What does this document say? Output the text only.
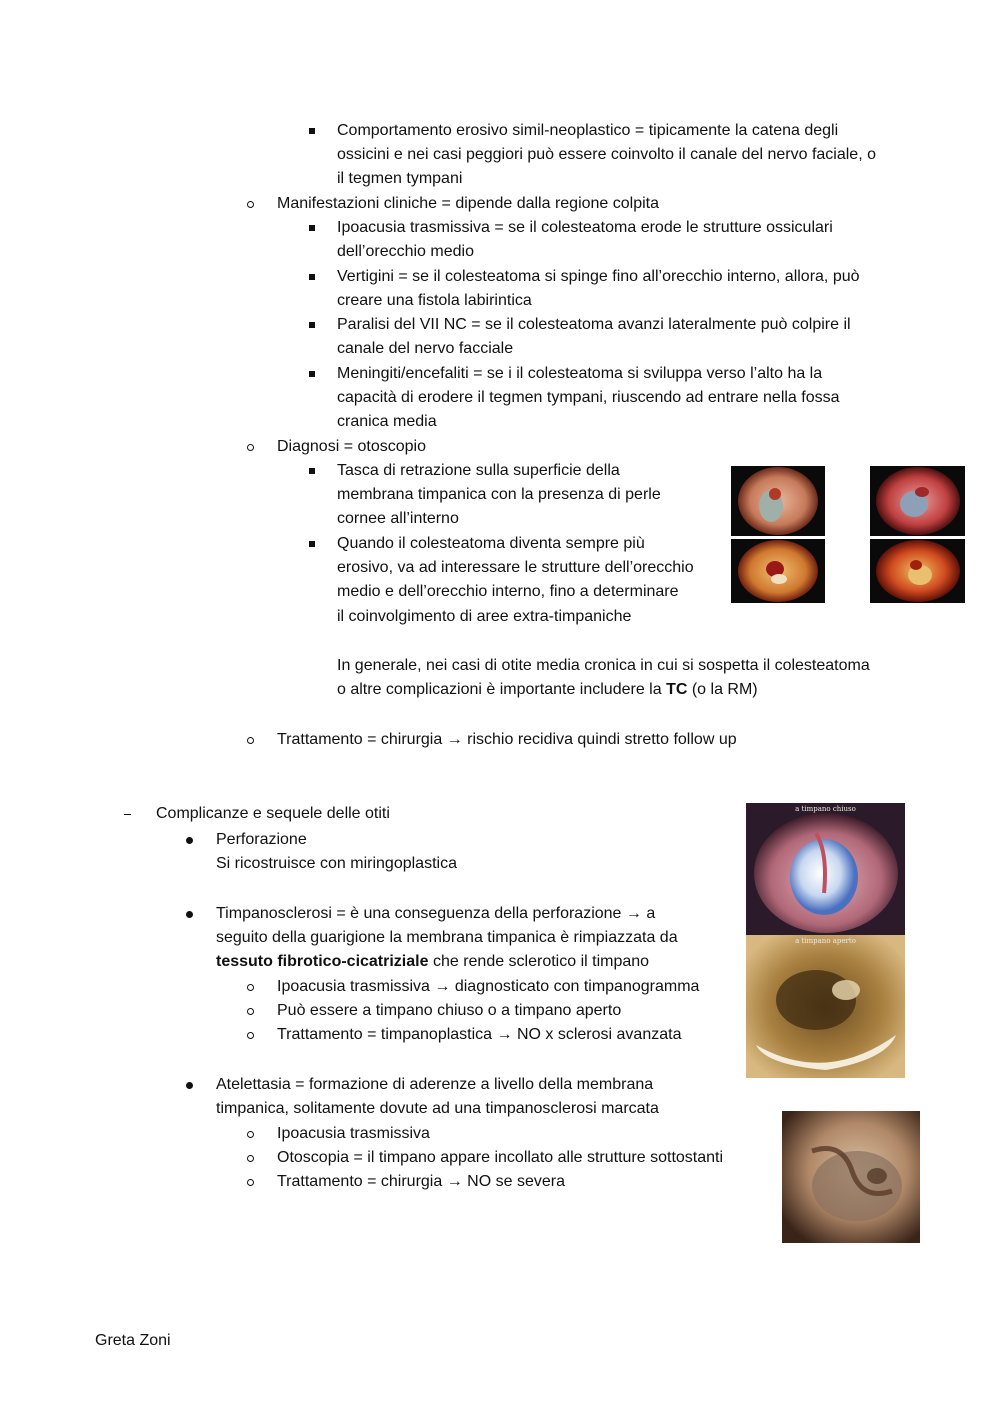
Comportamento erosivo simil-neoplastico = tipicamente la catena degli
ossicini e nei casi peggiori può essere coinvolto il canale del nervo faciale, o
il tegmen tympani
Manifestazioni cliniche = dipende dalla regione colpita
Ipoacusia trasmissiva = se il colesteatoma erode le strutture ossiculari
dell’orecchio medio
Vertigini = se il colesteatoma si spinge fino all’orecchio interno, allora, può
creare una fistola labirintica
Paralisi del VII NC = se il colesteatoma avanzi lateralmente può colpire il
canale del nervo facciale
Meningiti/encefaliti = se i il colesteatoma si sviluppa verso l’alto ha la
capacità di erodere il tegmen tympani, riuscendo ad entrare nella fossa
cranica media
Diagnosi = otoscopio
Tasca di retrazione sulla superficie della
membrana timpanica con la presenza di perle
cornee all’interno
Quando il colesteatoma diventa sempre più
erosivo, va ad interessare le strutture dell’orecchio
medio e dell’orecchio interno, fino a determinare
il coinvolgimento di aree extra-timpaniche
In generale, nei casi di otite media cronica in cui si sospetta il colesteatoma
o altre complicazioni è importante includere la TC (o la RM)
Trattamento = chirurgia → rischio recidiva quindi stretto follow up
Complicanze e sequele delle otiti
Perforazione
Si ricostruisce con miringoplastica
Timpanosclerosi = è una conseguenza della perforazione → a
seguito della guarigione la membrana timpanica è rimpiazzata da
tessuto fibrotico-cicatriziale che rende sclerotico il timpano
Ipoacusia trasmissiva → diagnosticato con timpanogramma
Può essere a timpano chiuso o a timpano aperto
Trattamento = timpanoplastica → NO x sclerosi avanzata
a timpano chiuso
a timpano aperto
Atelettasia = formazione di aderenze a livello della membrana
timpanica, solitamente dovute ad una timpanosclerosi marcata
Ipoacusia trasmissiva
Otoscopia = il timpano appare incollato alle strutture sottostanti
Trattamento = chirurgia → NO se severa
Greta Zoni
